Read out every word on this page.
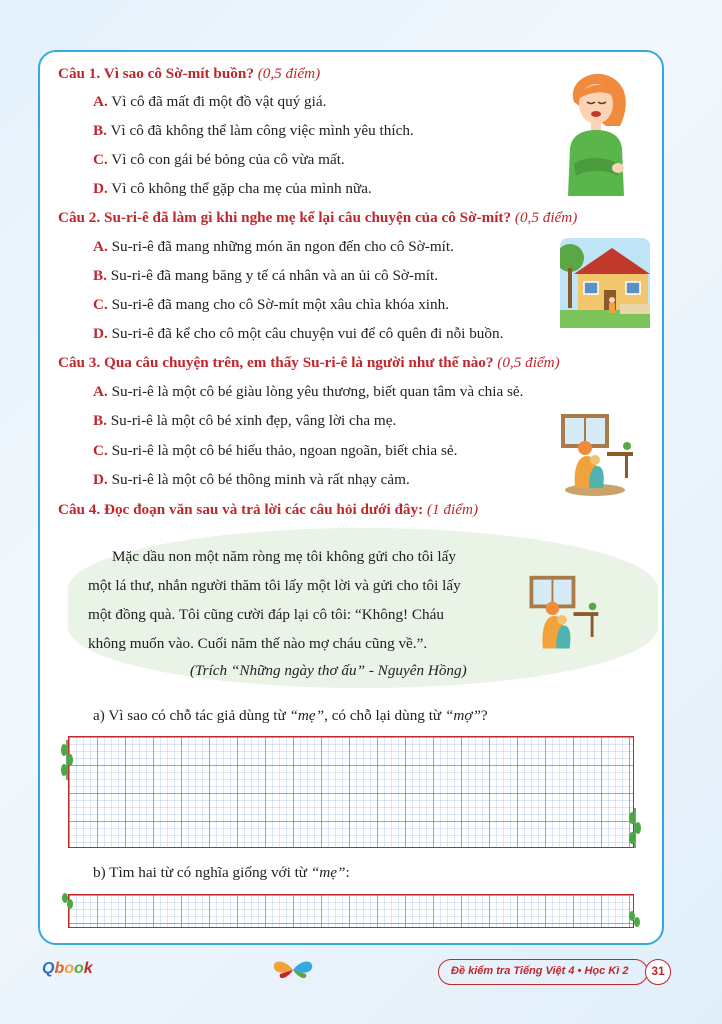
Câu 1. Vì sao cô Sờ-mít buồn? (0,5 điểm)
A. Vì cô đã mất đi một đồ vật quý giá.
B. Vì cô đã không thể làm công việc mình yêu thích.
C. Vì cô con gái bé bỏng của cô vừa mất.
D. Vì cô không thể gặp cha mẹ của mình nữa.
Câu 2. Su-ri-ê đã làm gì khi nghe mẹ kể lại câu chuyện của cô Sờ-mít? (0,5 điểm)
A. Su-ri-ê đã mang những món ăn ngon đến cho cô Sờ-mít.
B. Su-ri-ê đã mang băng y tế cá nhân và an ủi cô Sờ-mít.
C. Su-ri-ê đã mang cho cô Sờ-mít một xâu chìa khóa xinh.
D. Su-ri-ê đã kể cho cô một câu chuyện vui để cô quên đi nỗi buồn.
Câu 3. Qua câu chuyện trên, em thấy Su-ri-ê là người như thế nào? (0,5 điểm)
A. Su-ri-ê là một cô bé giàu lòng yêu thương, biết quan tâm và chia sẻ.
B. Su-ri-ê là một cô bé xinh đẹp, vâng lời cha mẹ.
C. Su-ri-ê là một cô bé hiếu thảo, ngoan ngoãn, biết chia sẻ.
D. Su-ri-ê là một cô bé thông minh và rất nhạy cảm.
Câu 4. Đọc đoạn văn sau và trả lời các câu hỏi dưới đây: (1 điểm)
Mặc dầu non một năm ròng mẹ tôi không gửi cho tôi lấy
một lá thư, nhắn người thăm tôi lấy một lời và gửi cho tôi lấy
một đồng quà. Tôi cũng cười đáp lại cô tôi: “Không! Cháu
không muốn vào. Cuối năm thế nào mợ cháu cũng về.”.
(Trích “Những ngày thơ ấu” - Nguyên Hồng)
a) Vì sao có chỗ tác giả dùng từ “mẹ”, có chỗ lại dùng từ “mợ”?
b) Tìm hai từ có nghĩa giống với từ “mẹ”:
Qbook	Đề kiểm tra Tiếng Việt 4 • Học Kì 2	31
